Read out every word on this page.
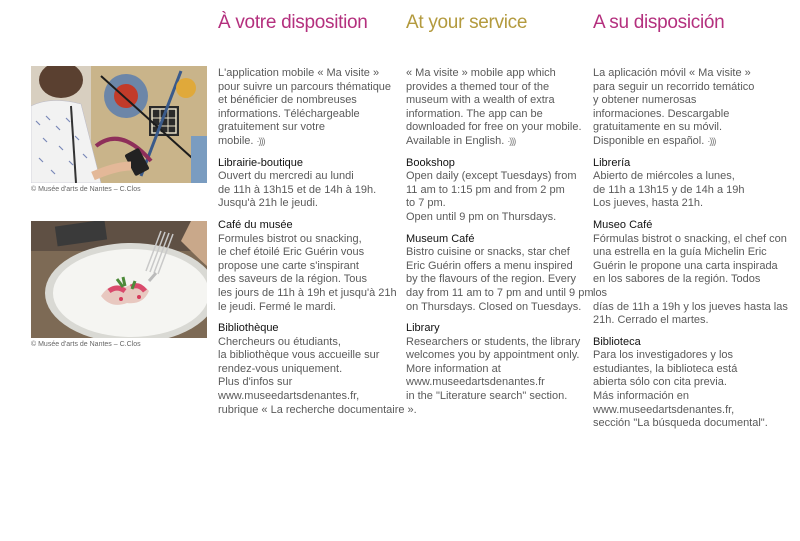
© Musée d'arts de Nantes – C.Clos
© Musée d'arts de Nantes – C.Clos
À votre disposition

L'application mobile « Ma visite »

pour suivre un parcours thématique

et bénéficier de nombreuses

informations. Téléchargeable

gratuitement sur votre

mobile. ·)))

Librairie-boutique

Ouvert du mercredi au lundi

de 11h à 13h15 et de 14h à 19h.

Jusqu'à 21h le jeudi.

Café du musée

Formules bistrot ou snacking,

le chef étoilé Eric Guérin vous

propose une carte s'inspirant

des saveurs de la région. Tous

les jours de 11h à 19h et jusqu'à 21h

le jeudi. Fermé le mardi.

Bibliothèque

Chercheurs ou étudiants,

la bibliothèque vous accueille sur

rendez-vous uniquement.

Plus d'infos sur

www.museedartsdenantes.fr,

rubrique « La recherche documentaire ».

At your service

« Ma visite » mobile app which

provides a themed tour of the

museum with a wealth of extra

information. The app can be

downloaded for free on your mobile.

Available in English. ·)))

Bookshop

Open daily (except Tuesdays) from

11 am to 1:15 pm and from 2 pm

to 7 pm.

Open until 9 pm on Thursdays.

Museum Café

Bistro cuisine or snacks, star chef

Eric Guérin offers a menu inspired

by the flavours of the region. Every

day from 11 am to 7 pm and until 9 pm

on Thursdays. Closed on Tuesdays.

Library

Researchers or students, the library

welcomes you by appointment only.

More information at

www.museedartsdenantes.fr

in the "Literature search" section.

A su disposición

La aplicación móvil « Ma visite »

para seguir un recorrido temático

y obtener numerosas

informaciones. Descargable

gratuitamente en su móvil.

Disponible en español. ·)))

Librería

Abierto de miércoles a lunes,

de 11h a 13h15 y de 14h a 19h

Los jueves, hasta 21h.

Museo Café

Fórmulas bistrot o snacking, el chef con

una estrella en la guía Michelin Eric

Guérin le propone una carta inspirada

en los sabores de la región. Todos los

días de 11h a 19h y los jueves hasta las

21h. Cerrado el martes.

Biblioteca

Para los investigadores y los

estudiantes, la biblioteca está

abierta sólo con cita previa.

Más información en

www.museedartsdenantes.fr,

sección "La búsqueda documental".
